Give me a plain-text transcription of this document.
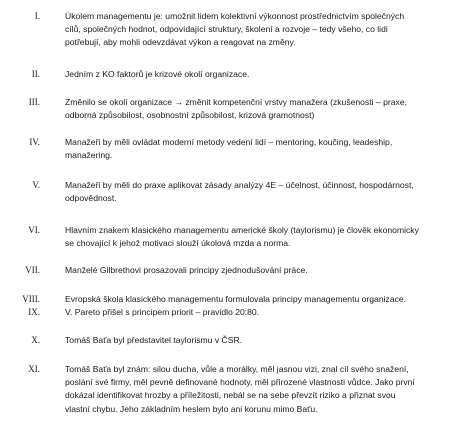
I.	Úkolem managementu je: umožnit lidem kolektivní výkonnost prostřednictvím společných
cílů, společných hodnot, odpovídající struktury, školení a rozvoje – tedy všeho, co lidi
potřebují, aby mohli odevzdávat výkon a reagovat na změny.
II.	Jedním z KO faktorů je krizové okolí organizace.
III.	Změnilo se okolí organizace → změnit kompetenční vrstvy manažera (zkušenosti – praxe,
odborná způsobilost, osobnostní způsobilost, krizová gramotnost)
IV.	Manažeři by měli ovládat moderní metody vedení lidí – mentoring, koučing, leadeship,
manažering.
V.	Manažeři by měli do praxe aplikovat zásady analýzy 4E – účelnost, účinnost, hospodárnost,
odpovědnost.
VI.	Hlavním znakem klasického managementu americké školy (taylorismu) je člověk ekonomicky
se chovající k jehož motivaci slouží úkolová mzda a norma.
VII.	Manželé Gilbrethovi prosazovali principy zjednodušování práce.
VIII.	Evropská škola klasického managementu formulovala principy managementu organizace.
IX.	V. Pareto přišel s principem priorit – pravidlo 20:80.
X.	Tomáš Baťa byl představitel taylorismu v ČSR.
XI.	Tomáš Baťa byl znám: silou ducha, vůle a morálky, měl jasnou vizi, znal cíl svého snažení,
poslání své firmy, měl pevně definované hodnoty, měl přirozené vlastnosti vůdce. Jako první
dokázal identifikovat hrozby a příležitosti, nebál se na sebe převzít riziko a přiznat svou
vlastní chybu. Jeho základním heslem bylo ani korunu mimo Baťu.
